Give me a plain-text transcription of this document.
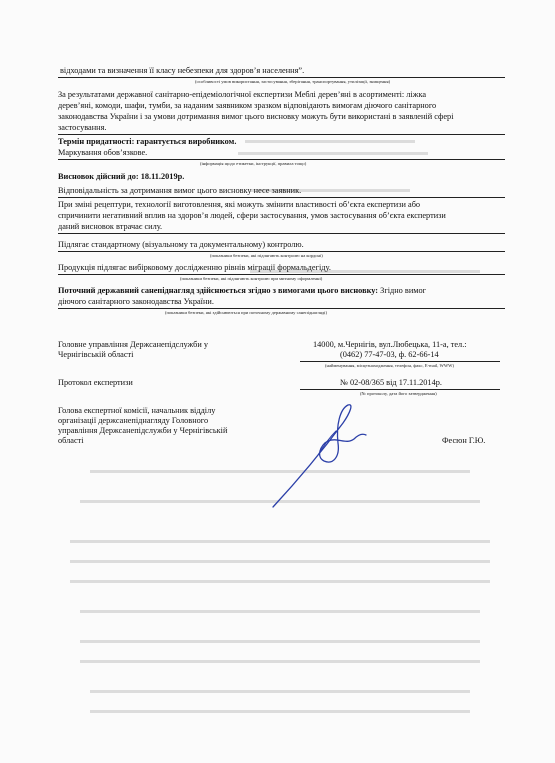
відходами та визначення її класу небезпеки для здоров’я населення”.
(особливості умов використання, застосування, зберігання, транспортування, утилізації, знищення)
За результатами державної санітарно-епідеміологічної експертизи Меблі дерев’яні в асортименті: ліжка
дерев’яні, комоди, шафи, тумби, за наданим заявником зразком відповідають вимогам діючого санітарного
законодавства України і за умови дотримання вимог цього висновку можуть бути використані в заявленій сфері
застосування.
Термін придатності: гарантується виробником.
Маркування обов’язкове.
(інформація щодо етикетки, інструкції, правила тощо)
Висновок дійсний до: 18.11.2019р.
Відповідальність за дотримання вимог цього висновку несе заявник.
При зміні рецептури, технології виготовлення, які можуть змінити властивості об’єкта експертизи або
спричинити негативний вплив на здоров’я людей, сфери застосування, умов застосування об’єкта експертизи
даний висновок втрачає силу.
Підлягає стандартному (візуальному та документальному) контролю.
(показники безпеки, які підлягають контролю на кордоні)
Продукція підлягає вибірковому дослідженню рівнів міграції формальдегіду.
(показники безпеки, які підлягають контролю при митному оформленні)
Поточний державний санепіднагляд здійснюється згідно з вимогами цього висновку: Згідно вимог
діючого санітарного законодавства України.
(показники безпеки, які здійснюються при поточному державному санепіднагляді)
Головне управління Держсанепідслужби у
Чернігівській області
14000, м.Чернігів, вул.Любецька, 11-а, тел.:
(0462) 77-47-03, ф. 62-66-14
(найменування, місцезнаходження, телефон, факс, E-mail, WWW)
Протокол експертизи	№ 02-08/365 від 17.11.2014р.
(№ протоколу, дата його затвердження)
Голова експертної комісії, начальник відділу
організації держсанепіднагляду Головного
управління Держсанепідслужби у Чернігівській
області	Фесюн Г.Ю.
